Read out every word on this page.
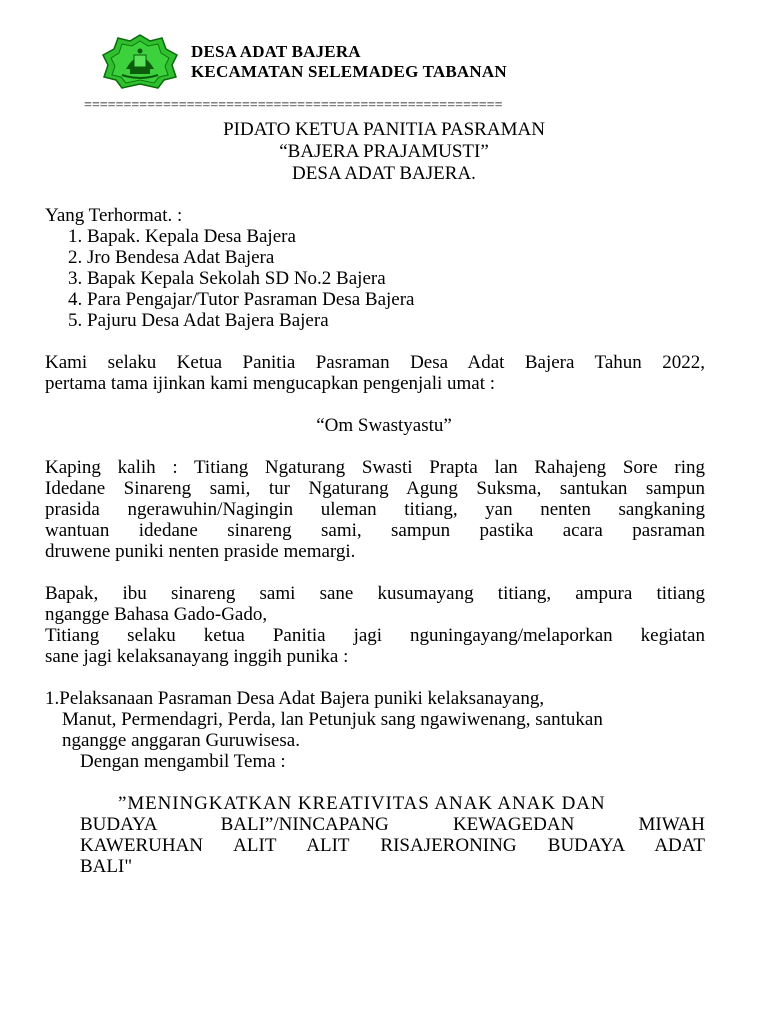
DESA ADAT BAJERA
KECAMATAN SELEMADEG TABANAN
=====================================================
PIDATO KETUA PANITIA PASRAMAN
“BAJERA PRAJAMUSTI”
DESA ADAT BAJERA.
Yang Terhormat. :
1. Bapak. Kepala Desa Bajera
2. Jro Bendesa Adat Bajera
3. Bapak Kepala Sekolah SD No.2 Bajera
4. Para Pengajar/Tutor Pasraman Desa Bajera
5. Pajuru Desa Adat Bajera Bajera
Kami selaku Ketua Panitia Pasraman Desa Adat Bajera Tahun 2022,
pertama tama ijinkan kami mengucapkan pengenjali umat :
“Om Swastyastu”
Kaping kalih : Titiang Ngaturang Swasti Prapta lan Rahajeng Sore ring
Idedane Sinareng sami, tur Ngaturang Agung Suksma, santukan sampun
prasida ngerawuhin/Nagingin uleman titiang, yan nenten sangkaning
wantuan idedane sinareng sami, sampun pastika acara pasraman
druwene puniki nenten praside memargi.
Bapak, ibu sinareng sami sane kusumayang titiang, ampura titiang
ngangge Bahasa Gado-Gado,
Titiang selaku ketua Panitia jagi nguningayang/melaporkan kegiatan
sane jagi kelaksanayang inggih punika :
1.Pelaksanaan Pasraman Desa Adat Bajera puniki kelaksanayang,
Manut, Permendagri, Perda, lan Petunjuk sang ngawiwenang, santukan
ngangge anggaran Guruwisesa.
Dengan mengambil Tema :
”MENINGKATKAN KREATIVITAS ANAK ANAK DAN
BUDAYA BALI”/NINCAPANG KEWAGEDAN MIWAH
KAWERUHAN ALIT ALIT RISAJERONING BUDAYA ADAT
BALI"
